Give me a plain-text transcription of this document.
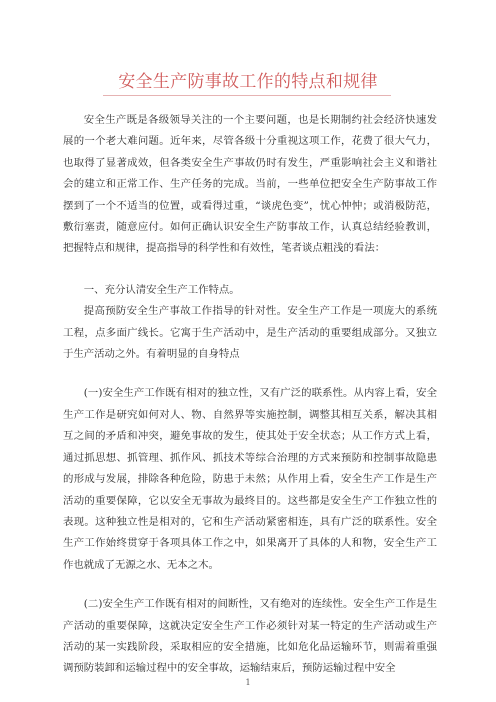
安全生产防事故工作的特点和规律

安全生产既是各级领导关注的一个主要问题，也是长期制约社会经济快速发展的一个老大难问题。近年来，尽管各级十分重视这项工作，花费了很大气力，也取得了显著成效，但各类安全生产事故仍时有发生，严重影响社会主义和谐社会的建立和正常工作、生产任务的完成。当前，一些单位把安全生产防事故工作摆到了一个不适当的位置，或看得过重，“谈虎色变”，忧心忡忡；或消极防范，敷衍塞责，随意应付。如何正确认识安全生产防事故工作，认真总结经验教训，把握特点和规律，提高指导的科学性和有效性，笔者谈点粗浅的看法：

一、充分认清安全生产工作特点。

提高预防安全生产事故工作指导的针对性。安全生产工作是一项庞大的系统工程，点多面广线长。它寓于生产活动中，是生产活动的重要组成部分。又独立于生产活动之外。有着明显的自身特点

(一)安全生产工作既有相对的独立性，又有广泛的联系性。从内容上看，安全生产工作是研究如何对人、物、自然界等实施控制，调整其相互关系，解决其相互之间的矛盾和冲突，避免事故的发生，使其处于安全状态；从工作方式上看，通过抓思想、抓管理、抓作风、抓技术等综合治理的方式来预防和控制事故隐患的形成与发展，排除各种危险，防患于未然；从作用上看，安全生产工作是生产活动的重要保障，它以安全无事故为最终目的。这些都是安全生产工作独立性的表现。这种独立性是相对的，它和生产活动紧密相连，具有广泛的联系性。安全生产工作始终贯穿于各项具体工作之中，如果离开了具体的人和物，安全生产工作也就成了无源之水、无本之木。

(二)安全生产工作既有相对的间断性，又有绝对的连续性。安全生产工作是生产活动的重要保障，这就决定安全生产工作必须针对某一特定的生产活动或生产活动的某一实践阶段，采取相应的安全措施，比如危化品运输环节，则需着重强调预防装卸和运输过程中的安全事故，运输结束后，预防运输过程中安全

1
